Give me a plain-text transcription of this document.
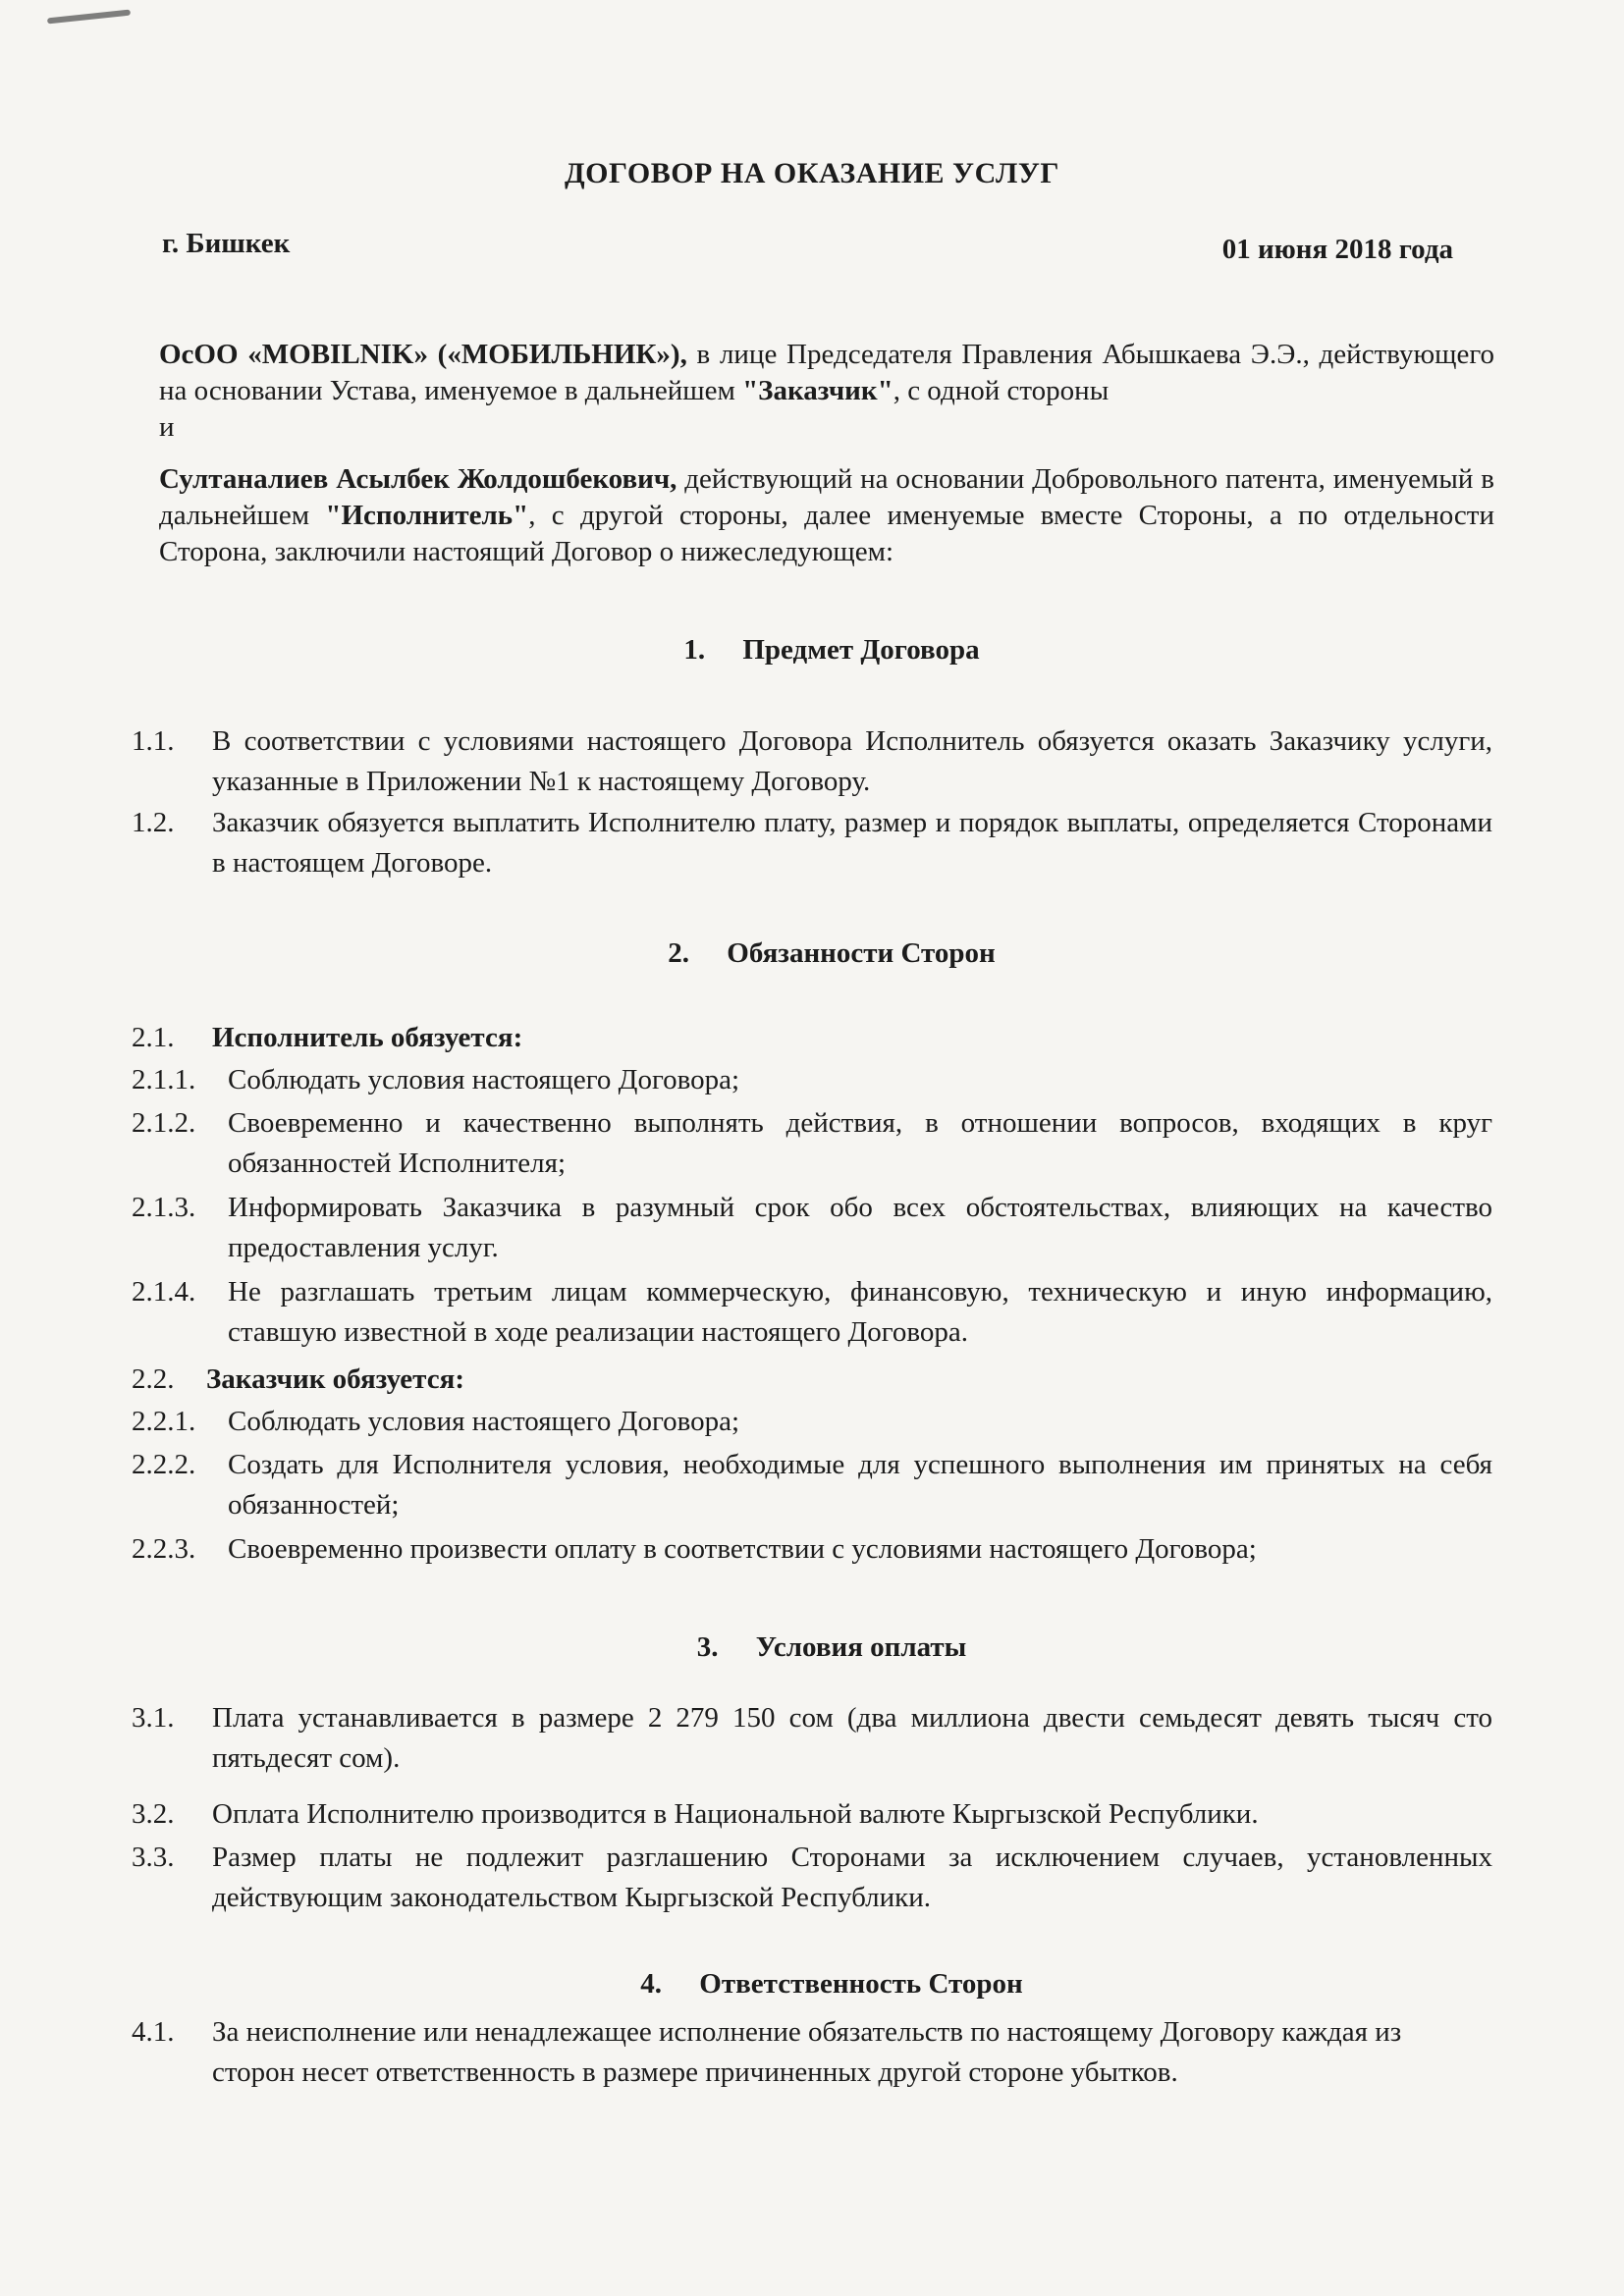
ДОГОВОР НА ОКАЗАНИЕ УСЛУГ

г. Бишкек	01 июня 2018 года

ОсОО «MOBILNIK» («МОБИЛЬНИК»), в лице Председателя Правления Абышкаева Э.Э., действующего на основании Устава, именуемое в дальнейшем "Заказчик", с одной стороны
и

Султаналиев Асылбек Жолдошбекович, действующий на основании Добровольного патента, именуемый в дальнейшем "Исполнитель", с другой стороны, далее именуемые вместе Стороны, а по отдельности Сторона, заключили настоящий Договор о нижеследующем:

1.	Предмет Договора
1.1. В соответствии с условиями настоящего Договора Исполнитель обязуется оказать Заказчику услуги, указанные в Приложении №1 к настоящему Договору.
1.2. Заказчик обязуется выплатить Исполнителю плату, размер и порядок выплаты, определяется Сторонами в настоящем Договоре.
2.	Обязанности Сторон
2.1. Исполнитель обязуется:
2.1.1. Соблюдать условия настоящего Договора;
2.1.2. Своевременно и качественно выполнять действия, в отношении вопросов, входящих в круг обязанностей Исполнителя;
2.1.3. Информировать Заказчика в разумный срок обо всех обстоятельствах, влияющих на качество предоставления услуг.
2.1.4. Не разглашать третьим лицам коммерческую, финансовую, техническую и иную информацию, ставшую известной в ходе реализации настоящего Договора.
2.2. Заказчик обязуется:
2.2.1. Соблюдать условия настоящего Договора;
2.2.2. Создать для Исполнителя условия, необходимые для успешного выполнения им принятых на себя обязанностей;
2.2.3. Своевременно произвести оплату в соответствии с условиями настоящего Договора;
3.	Условия оплаты
3.1. Плата устанавливается в размере 2 279 150 сом (два миллиона двести семьдесят девять тысяч сто пятьдесят сом).
3.2. Оплата Исполнителю производится в Национальной валюте Кыргызской Республики.
3.3. Размер платы не подлежит разглашению Сторонами за исключением случаев, установленных действующим законодательством Кыргызской Республики.
4.	Ответственность Сторон
4.1. За неисполнение или ненадлежащее исполнение обязательств по настоящему Договору каждая из сторон несет ответственность в размере причиненных другой стороне убытков.
